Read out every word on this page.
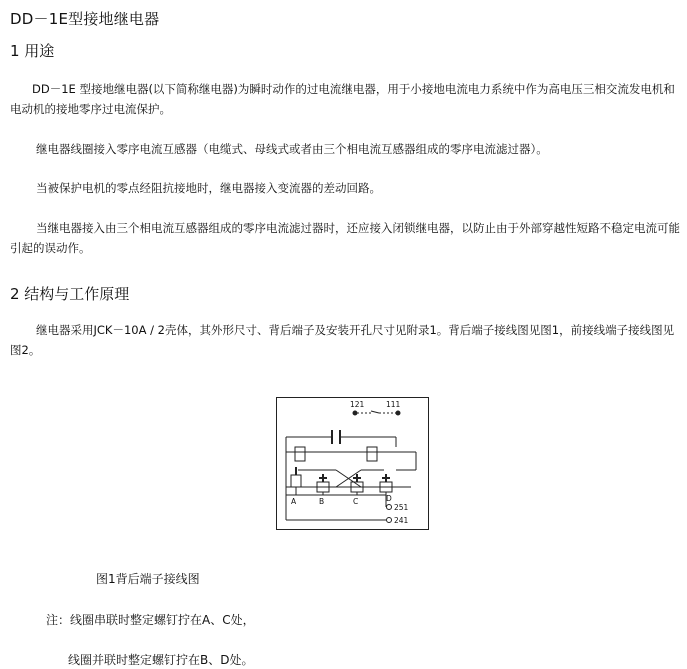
DD－1E型接地继电器
1 用途

DD－1E 型接地继电器(以下简称继电器)为瞬时动作的过电流继电器，用于小接地电流电力系统中作为高电压三相交流发电机和电动机的接地零序过电流保护。

继电器线圈接入零序电流互感器（电缆式、母线式或者由三个相电流互感器组成的零序电流滤过器）。

当被保护电机的零点经阻抗接地时，继电器接入变流器的差动回路。

当继电器接入由三个相电流互感器组成的零序电流滤过器时，还应接入闭锁继电器，以防止由于外部穿越性短路不稳定电流可能引起的误动作。

2 结构与工作原理

继电器采用JCK－10A / 2壳体，其外形尺寸、背后端子及安装开孔尺寸见附录1。背后端子接线图见图1，前接线端子接线图见图2。

121	111
A	B	C	D
251
241

图1背后端子接线图

注：线圈串联时整定螺钉拧在A、C处，

线圈并联时整定螺钉拧在B、D处。
